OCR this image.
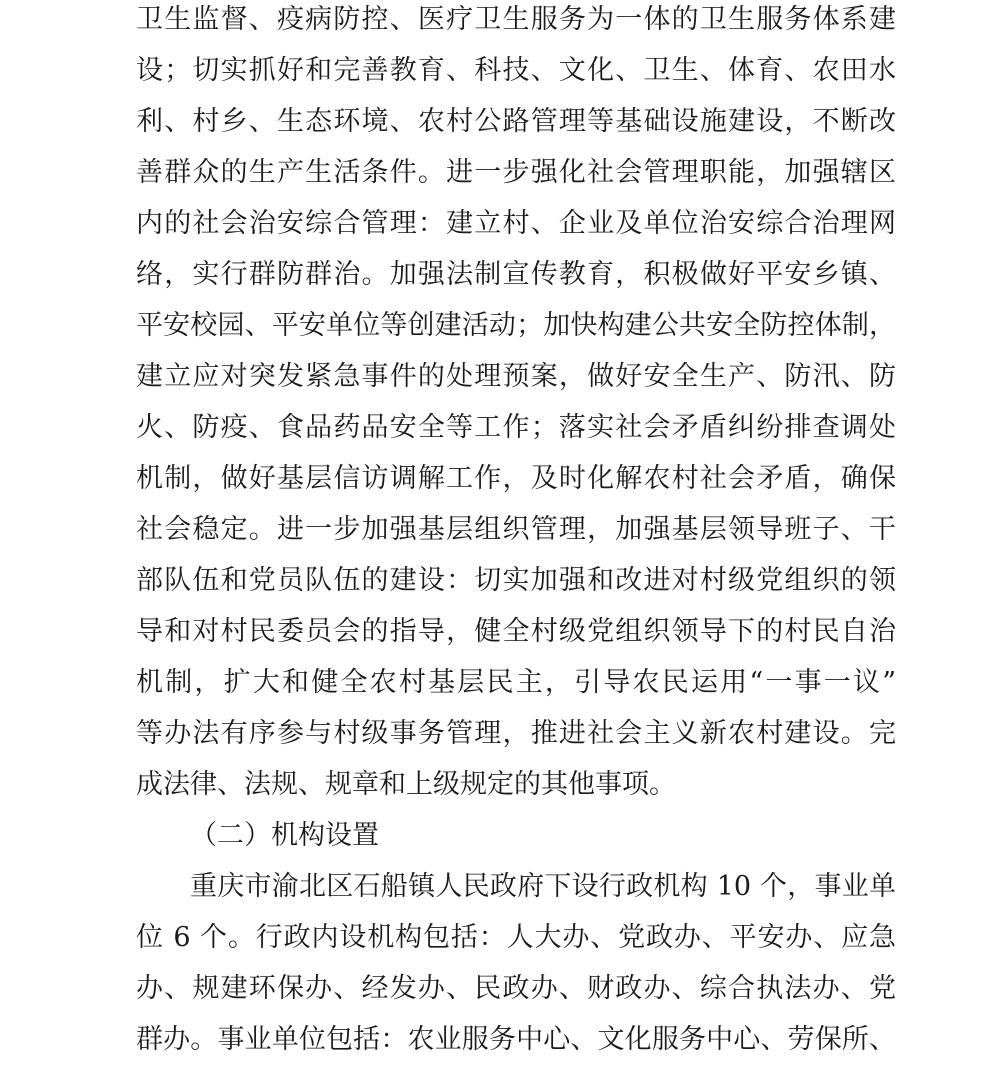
卫生监督、疫病防控、医疗卫生服务为一体的卫生服务体系建
设；切实抓好和完善教育、科技、文化、卫生、体育、农田水
利、村乡、生态环境、农村公路管理等基础设施建设，不断改
善群众的生产生活条件。进一步强化社会管理职能，加强辖区
内的社会治安综合管理：建立村、企业及单位治安综合治理网
络，实行群防群治。加强法制宣传教育，积极做好平安乡镇、
平安校园、平安单位等创建活动；加快构建公共安全防控体制，
建立应对突发紧急事件的处理预案，做好安全生产、防汛、防
火、防疫、食品药品安全等工作；落实社会矛盾纠纷排查调处
机制，做好基层信访调解工作，及时化解农村社会矛盾，确保
社会稳定。进一步加强基层组织管理，加强基层领导班子、干
部队伍和党员队伍的建设：切实加强和改进对村级党组织的领
导和对村民委员会的指导，健全村级党组织领导下的村民自治
机制，扩大和健全农村基层民主，引导农民运用“一事一议”
等办法有序参与村级事务管理，推进社会主义新农村建设。完
成法律、法规、规章和上级规定的其他事项。
（二）机构设置
重庆市渝北区石船镇人民政府下设行政机构 10 个，事业单
位 6 个。行政内设机构包括：人大办、党政办、平安办、应急
办、规建环保办、经发办、民政办、财政办、综合执法办、党
群办。事业单位包括：农业服务中心、文化服务中心、劳保所、
